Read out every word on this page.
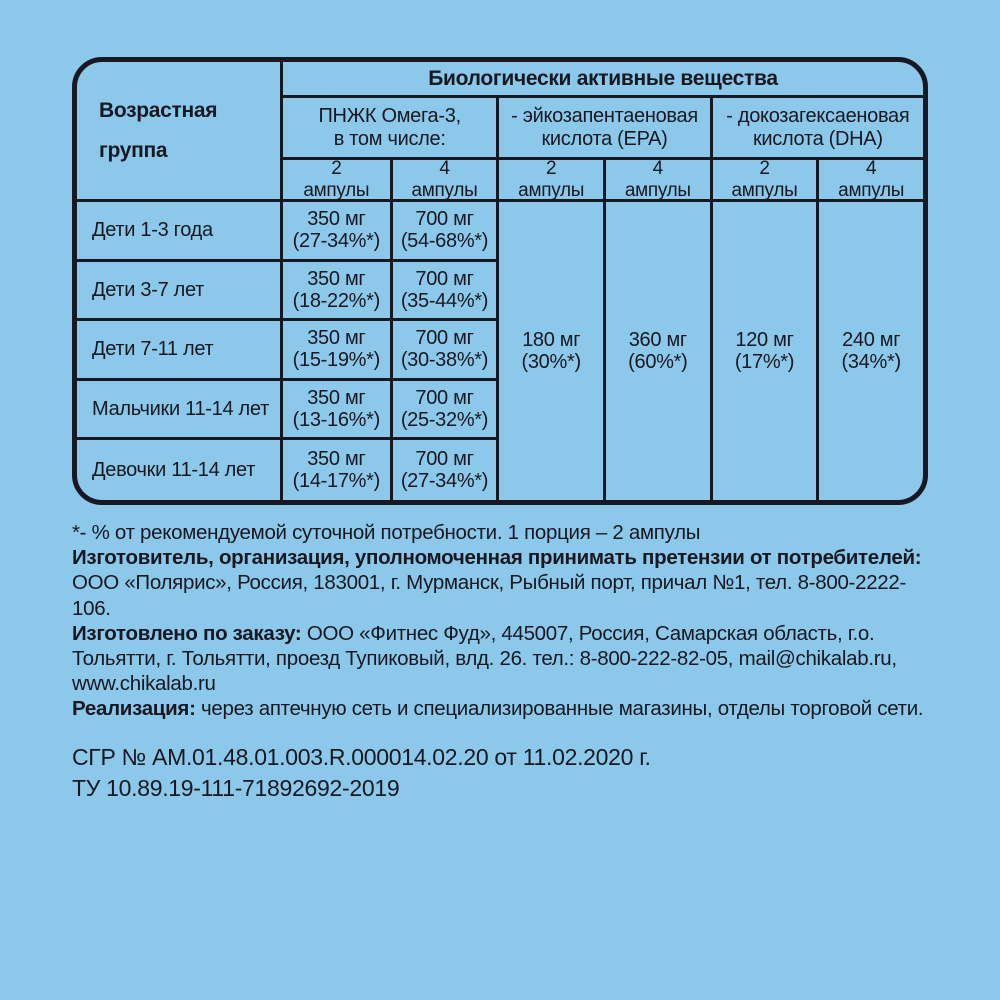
Возрастная
группа
Биологически активные вещества
ПНЖК Омега-3,
в том числе:
- эйкозапентаеновая
кислота (EPA)
- докозагексаеновая
кислота (DHA)
2
ампулы
4
ампулы
2
ампулы
4
ампулы
2
ампулы
4
ампулы
Дети 1-3 года
350 мг
(27-34%*)
700 мг
(54-68%*)
Дети 3-7 лет
350 мг
(18-22%*)
700 мг
(35-44%*)
Дети 7-11 лет
350 мг
(15-19%*)
700 мг
(30-38%*)
Мальчики 11-14 лет
350 мг
(13-16%*)
700 мг
(25-32%*)
Девочки 11-14 лет
350 мг
(14-17%*)
700 мг
(27-34%*)
180 мг
(30%*)
360 мг
(60%*)
120 мг
(17%*)
240 мг
(34%*)

*- % от рекомендуемой суточной потребности. 1 порция – 2 ампулы

Изготовитель, организация, уполномоченная принимать претензии от потребителей: ООО «Полярис», Россия, 183001, г. Мурманск, Рыбный порт, причал №1, тел. 8-800-2222-106.

Изготовлено по заказу: ООО «Фитнес Фуд», 445007, Россия, Самарская область, г.о. Тольятти, г. Тольятти, проезд Тупиковый, влд. 26. тел.: 8-800-222-82-05, mail@chikalab.ru, www.chikalab.ru

Реализация: через аптечную сеть и специализированные магазины, отделы торговой сети.

СГР № АМ.01.48.01.003.R.000014.02.20 от 11.02.2020 г.

ТУ 10.89.19-111-71892692-2019
